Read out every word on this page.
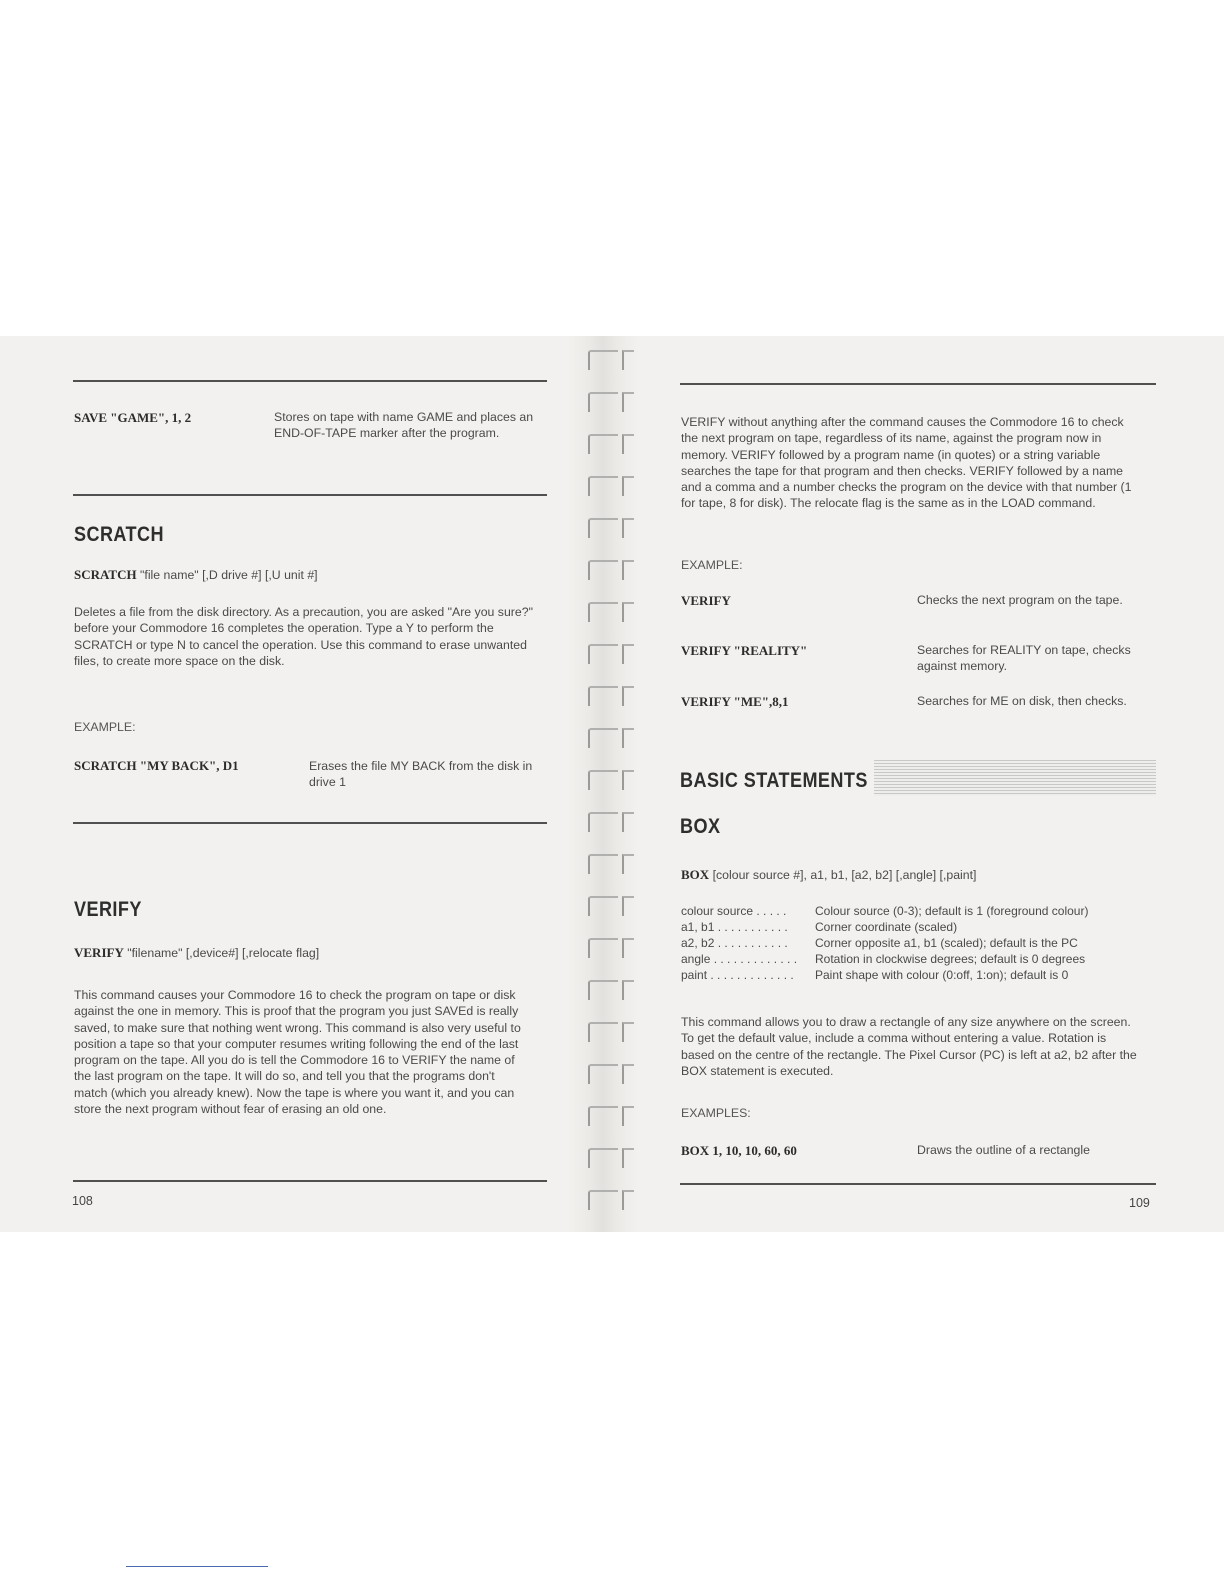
SAVE "GAME", 1, 2	Stores on tape with name GAME and places an END-OF-TAPE marker after the program.
SCRATCH
SCRATCH "file name" [,D drive #] [,U unit #]
Deletes a file from the disk directory. As a precaution, you are asked "Are you sure?" before your Commodore 16 completes the operation. Type a Y to perform the SCRATCH or type N to cancel the operation. Use this command to erase unwanted files, to create more space on the disk.
EXAMPLE:
SCRATCH "MY BACK", D1	Erases the file MY BACK from the disk in drive 1
VERIFY
VERIFY "filename" [,device#] [,relocate flag]
This command causes your Commodore 16 to check the program on tape or disk against the one in memory. This is proof that the program you just SAVEd is really saved, to make sure that nothing went wrong. This command is also very useful to position a tape so that your computer resumes writing following the end of the last program on the tape. All you do is tell the Commodore 16 to VERIFY the name of the last program on the tape. It will do so, and tell you that the programs don't match (which you already knew). Now the tape is where you want it, and you can store the next program without fear of erasing an old one.
108
VERIFY without anything after the command causes the Commodore 16 to check the next program on tape, regardless of its name, against the program now in memory. VERIFY followed by a program name (in quotes) or a string variable searches the tape for that program and then checks. VERIFY followed by a name and a comma and a number checks the program on the device with that number (1 for tape, 8 for disk). The relocate flag is the same as in the LOAD command.
EXAMPLE:
VERIFY	Checks the next program on the tape.
VERIFY "REALITY"	Searches for REALITY on tape, checks against memory.
VERIFY "ME",8,1	Searches for ME on disk, then checks.
BASIC STATEMENTS
BOX
BOX [colour source #], a1, b1, [a2, b2] [,angle] [,paint]
colour source . . . . . Colour source (0-3); default is 1 (foreground colour)
a1, b1 . . . . . . . . . . . Corner coordinate (scaled)
a2, b2 . . . . . . . . . . . Corner opposite a1, b1 (scaled); default is the PC
angle . . . . . . . . . . . . . Rotation in clockwise degrees; default is 0 degrees
paint . . . . . . . . . . . . . Paint shape with colour (0:off, 1:on); default is 0
This command allows you to draw a rectangle of any size anywhere on the screen. To get the default value, include a comma without entering a value. Rotation is based on the centre of the rectangle. The Pixel Cursor (PC) is left at a2, b2 after the BOX statement is executed.
EXAMPLES:
BOX 1, 10, 10, 60, 60	Draws the outline of a rectangle
109
